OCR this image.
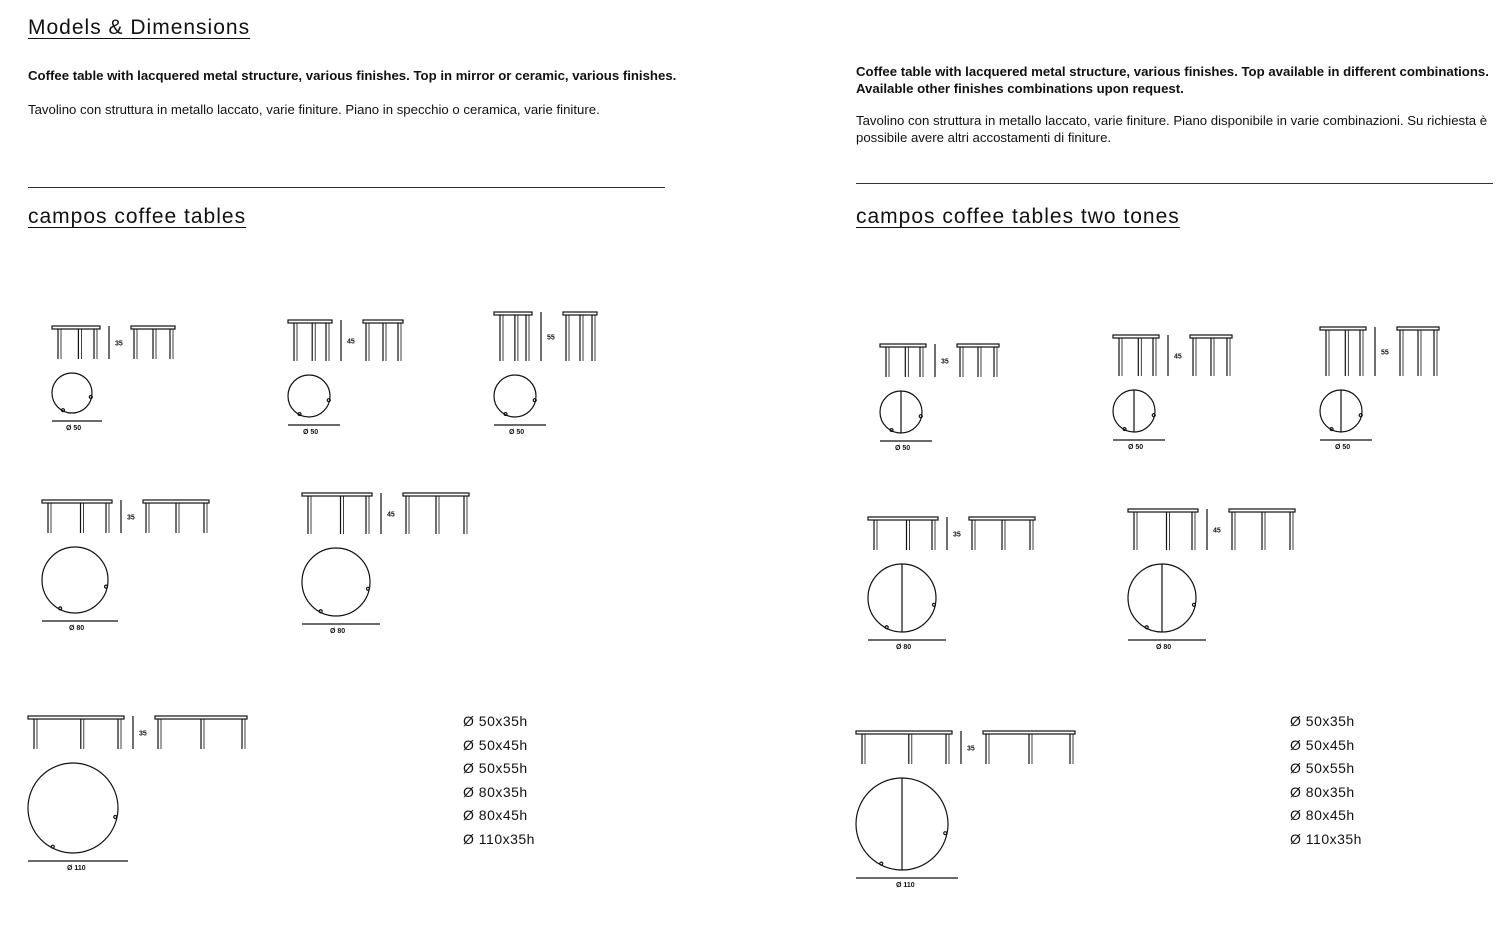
Models & Dimensions

Coffee table with lacquered metal structure, various finishes. Top in mirror or ceramic, various finishes.

Tavolino con struttura in metallo laccato, varie finiture. Piano in specchio o ceramica, varie finiture.

campos coffee tables

Coffee table with lacquered metal structure, various finishes. Top available in different combinations.

Available other finishes combinations upon request.

Tavolino con struttura in metallo laccato, varie finiture. Piano disponibile in varie combinazioni. Su richiesta è

possibile avere altri accostamenti di finiture.

campos coffee tables two tones
35
Ø 50
45
Ø 50
55
Ø 50
35
Ø 80
45
Ø 80
35
Ø 110
35
Ø 50
45
Ø 50
55
Ø 50
35
Ø 80
45
Ø 80
35
Ø 110
Ø 50x35h
Ø 50x45h
Ø 50x55h
Ø 80x35h
Ø 80x45h
Ø 110x35h
Ø 50x35h
Ø 50x45h
Ø 50x55h
Ø 80x35h
Ø 80x45h
Ø 110x35h
